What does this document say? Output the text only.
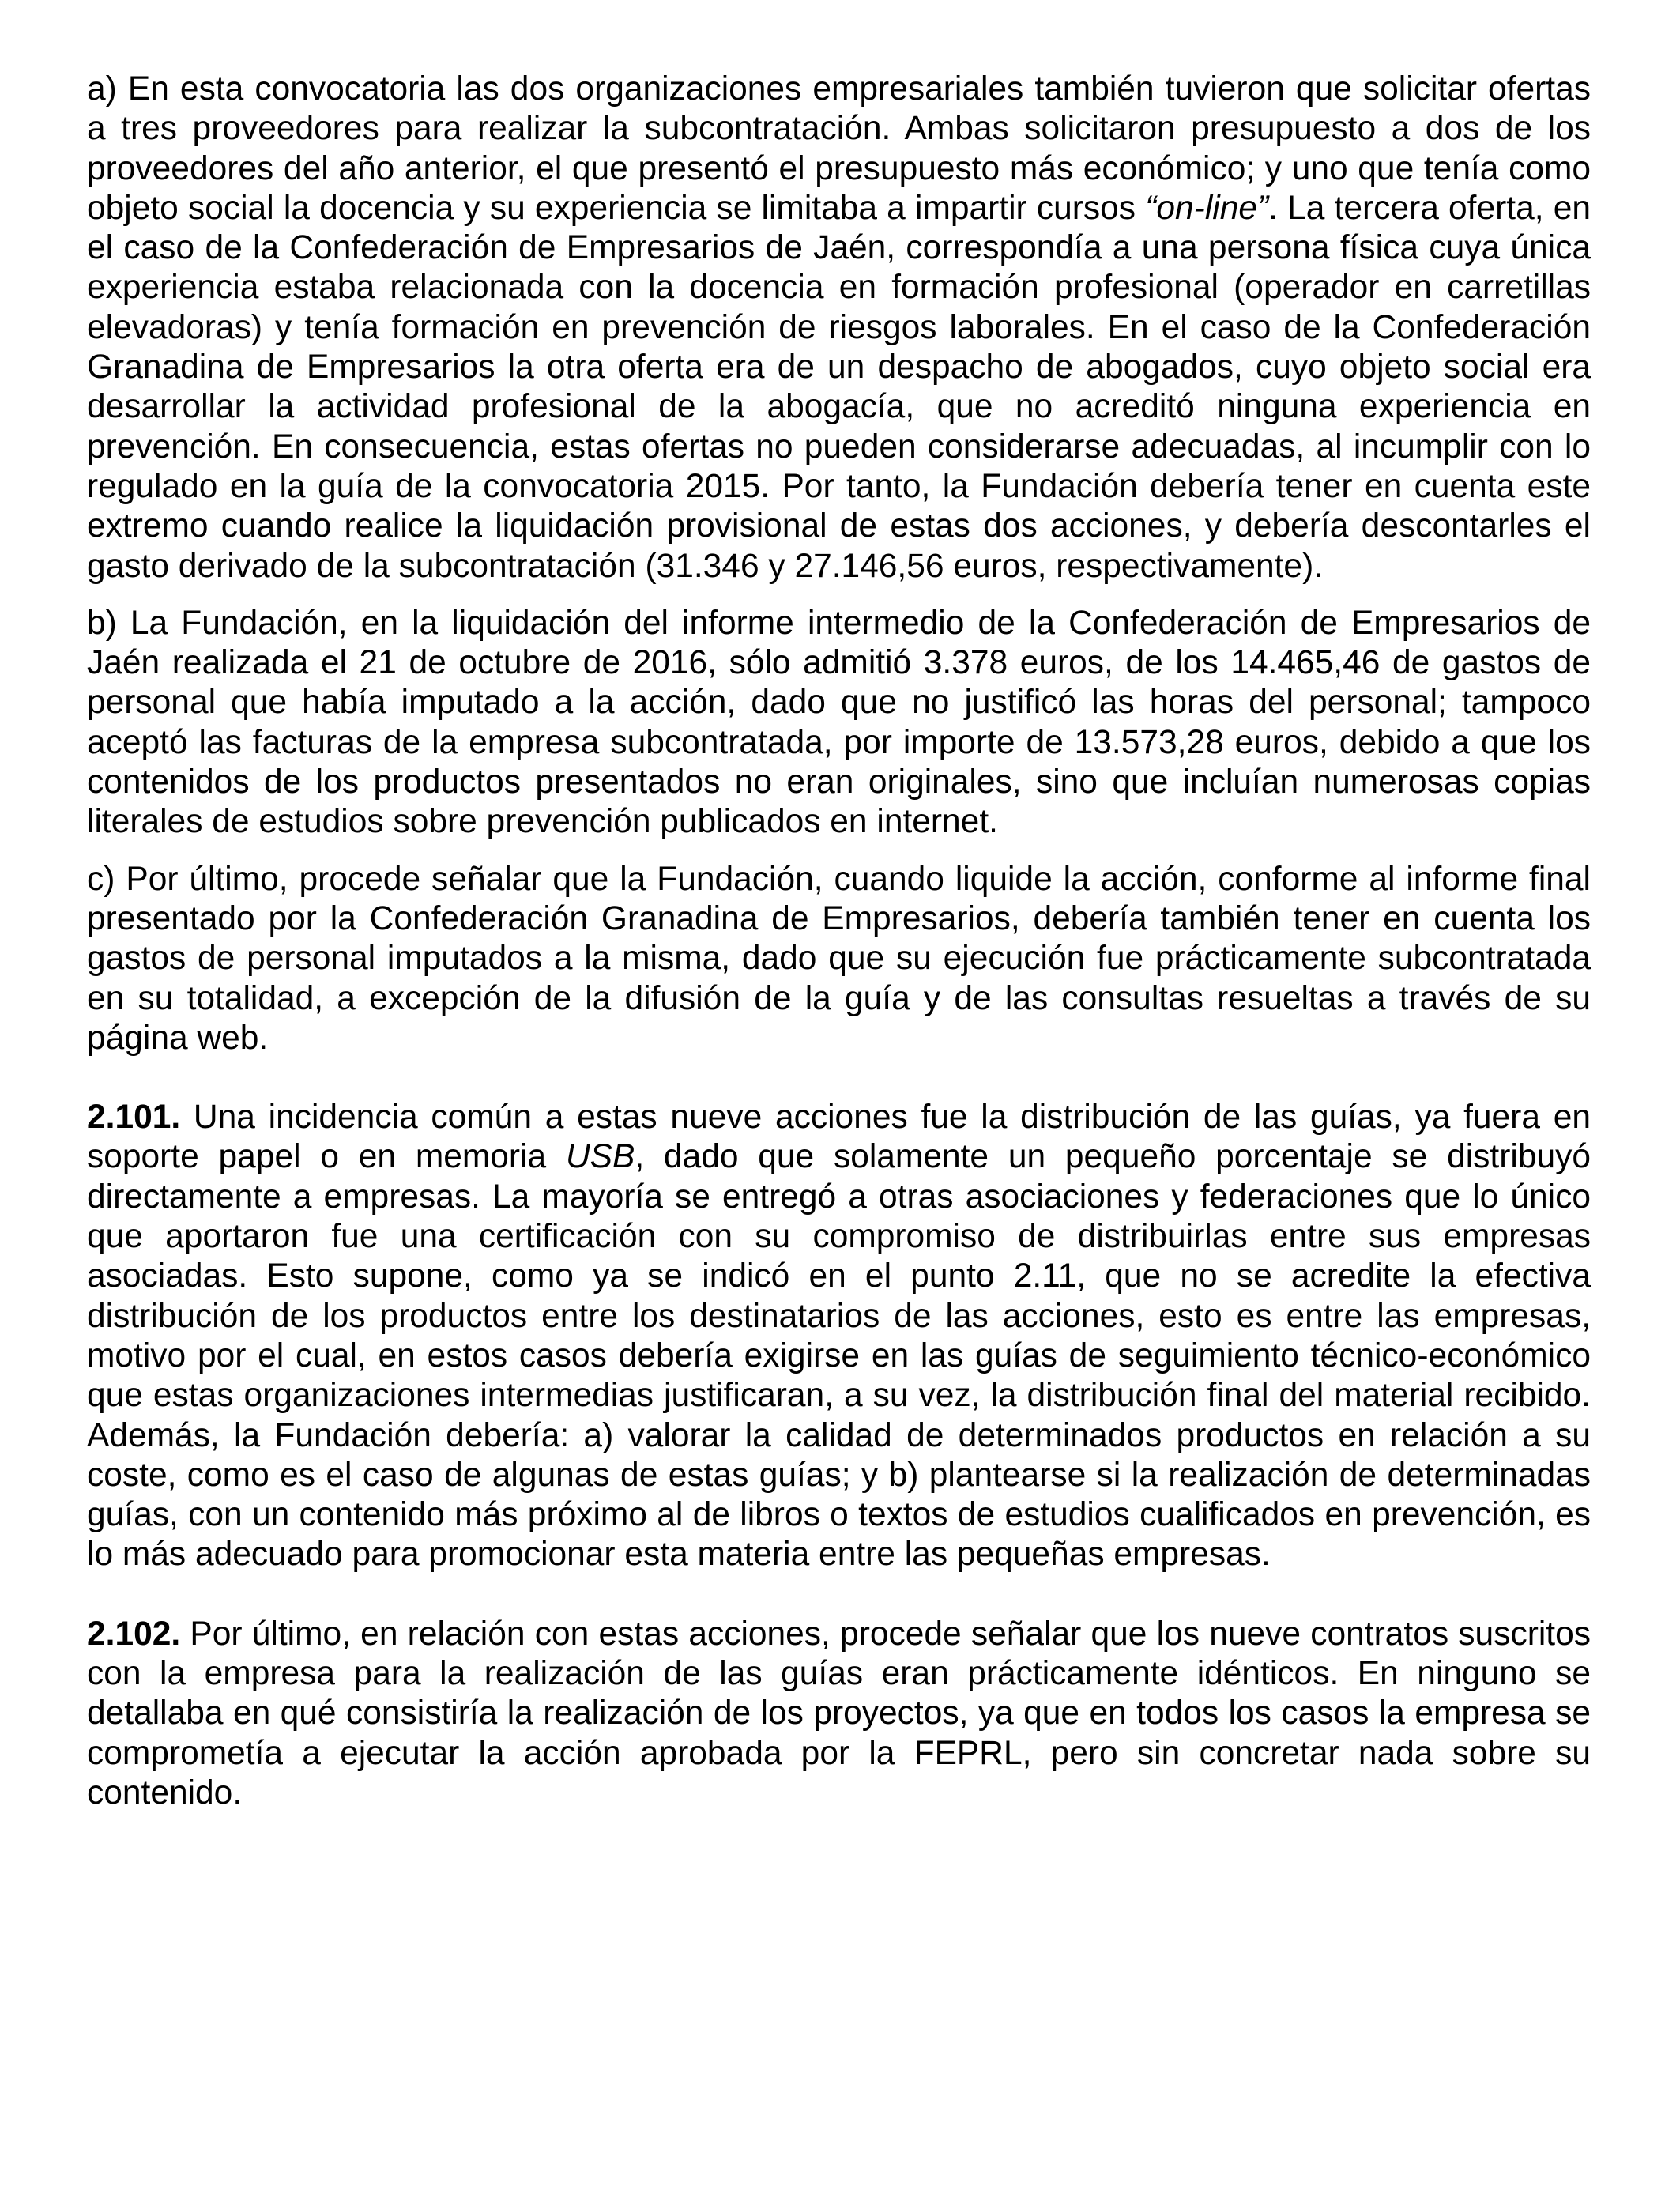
a) En esta convocatoria las dos organizaciones empresariales también tuvieron que solicitar ofertas a tres proveedores para realizar la subcontratación. Ambas solicitaron presupuesto a dos de los proveedores del año anterior, el que presentó el presupuesto más económico; y uno que tenía como objeto social la docencia y su experiencia se limitaba a impartir cursos “on-line”. La tercera oferta, en el caso de la Confederación de Empresarios de Jaén, correspondía a una persona física cuya única experiencia estaba relacionada con la docencia en formación profesional (operador en carretillas elevadoras) y tenía formación en prevención de riesgos laborales. En el caso de la Confederación Granadina de Empresarios la otra oferta era de un despacho de abogados, cuyo objeto social era desarrollar la actividad profesional de la abogacía, que no acreditó ninguna experiencia en prevención. En consecuencia, estas ofertas no pueden considerarse adecuadas, al incumplir con lo regulado en la guía de la convocatoria 2015. Por tanto, la Fundación debería tener en cuenta este extremo cuando realice la liquidación provisional de estas dos acciones, y debería descontarles el gasto derivado de la subcontratación (31.346 y 27.146,56 euros, respectivamente).

b) La Fundación, en la liquidación del informe intermedio de la Confederación de Empresarios de Jaén realizada el 21 de octubre de 2016, sólo admitió 3.378 euros, de los 14.465,46 de gastos de personal que había imputado a la acción, dado que no justificó las horas del personal; tampoco aceptó las facturas de la empresa subcontratada, por importe de 13.573,28 euros, debido a que los contenidos de los productos presentados no eran originales, sino que incluían numerosas copias literales de estudios sobre prevención publicados en internet.

c) Por último, procede señalar que la Fundación, cuando liquide la acción, conforme al informe final presentado por la Confederación Granadina de Empresarios, debería también tener en cuenta los gastos de personal imputados a la misma, dado que su ejecución fue prácticamente subcontratada en su totalidad, a excepción de la difusión de la guía y de las consultas resueltas a través de su página web.

2.101. Una incidencia común a estas nueve acciones fue la distribución de las guías, ya fuera en soporte papel o en memoria USB, dado que solamente un pequeño porcentaje se distribuyó directamente a empresas. La mayoría se entregó a otras asociaciones y federaciones que lo único que aportaron fue una certificación con su compromiso de distribuirlas entre sus empresas asociadas. Esto supone, como ya se indicó en el punto 2.11, que no se acredite la efectiva distribución de los productos entre los destinatarios de las acciones, esto es entre las empresas, motivo por el cual, en estos casos debería exigirse en las guías de seguimiento técnico-económico que estas organizaciones intermedias justificaran, a su vez, la distribución final del material recibido. Además, la Fundación debería: a) valorar la calidad de determinados productos en relación a su coste, como es el caso de algunas de estas guías; y b) plantearse si la realización de determinadas guías, con un contenido más próximo al de libros o textos de estudios cualificados en prevención, es lo más adecuado para promocionar esta materia entre las pequeñas empresas.

2.102. Por último, en relación con estas acciones, procede señalar que los nueve contratos suscritos con la empresa para la realización de las guías eran prácticamente idénticos. En ninguno se detallaba en qué consistiría la realización de los proyectos, ya que en todos los casos la empresa se comprometía a ejecutar la acción aprobada por la FEPRL, pero sin concretar nada sobre su contenido.
